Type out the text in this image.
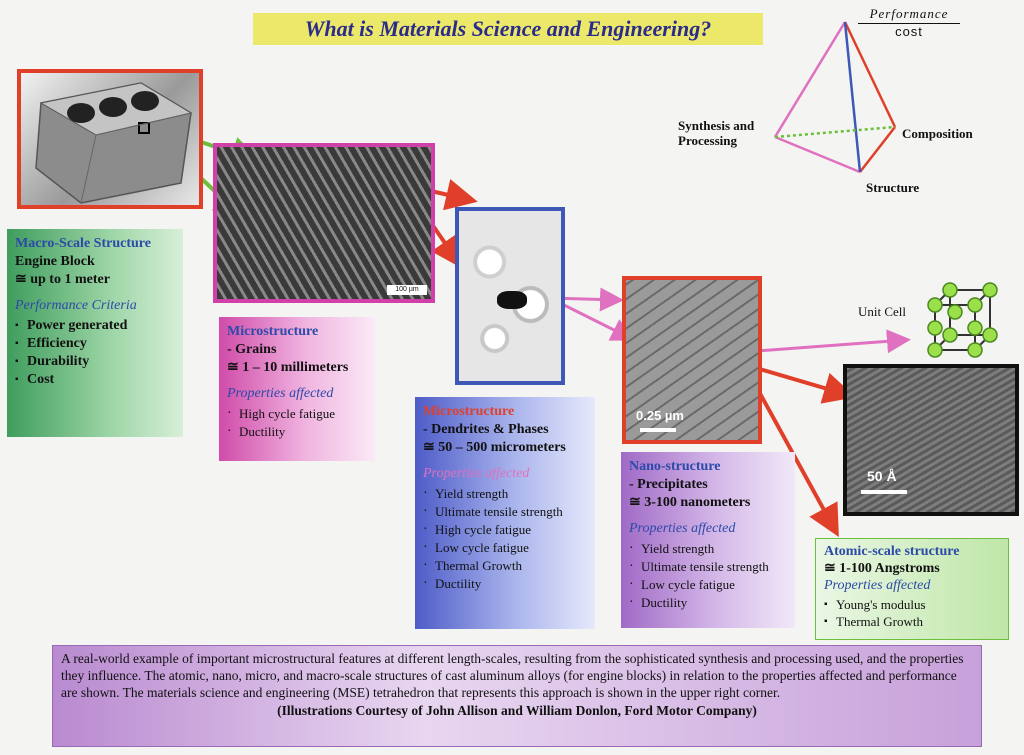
What is Materials Science and Engineering?
Performance
cost
Synthesis and Processing	Composition
Structure
Macro-Scale Structure
Engine Block
≅ up to 1 meter
Performance Criteria
▪ Power generated
▪ Efficiency
▪ Durability
▪ Cost
100 µm
Microstructure
- Grains
≅ 1 – 10 millimeters
Properties affected
· High cycle fatigue
· Ductility
Microstructure
- Dendrites & Phases
≅ 50 – 500 micrometers
Properties affected
· Yield strength
· Ultimate tensile strength
· High cycle fatigue
· Low cycle fatigue
· Thermal Growth
· Ductility
0.25 µm
Nano-structure
- Precipitates
≅ 3-100 nanometers
Properties affected
· Yield strength
· Ultimate tensile strength
· Low cycle fatigue
· Ductility
Unit Cell
50 Å
Atomic-scale structure
≅ 1-100 Angstroms
Properties affected
▪ Young's modulus
▪ Thermal Growth
A real-world example of important microstructural features at different length-scales, resulting from the sophisticated synthesis and processing used, and the properties they influence. The atomic, nano, micro, and macro-scale structures of cast aluminum alloys (for engine blocks) in relation to the properties affected and performance are shown. The materials science and engineering (MSE) tetrahedron that represents this approach is shown in the upper right corner.
(Illustrations Courtesy of John Allison and William Donlon, Ford Motor Company)
